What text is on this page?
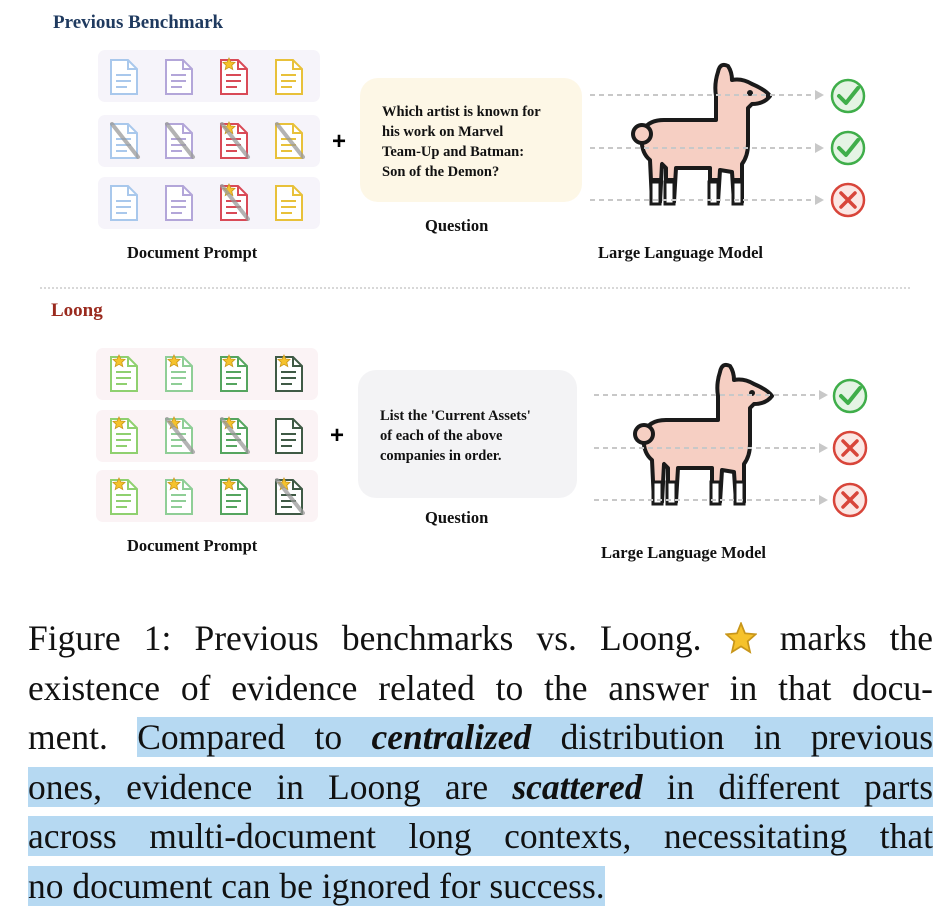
Previous Benchmark
Document Prompt
+
Which artist is known for
his work on Marvel
Team-Up and Batman:
Son of the Demon?
Question
Large Language Model
Loong
Document Prompt
+
List the 'Current Assets'
of each of the above
companies in order.
Question
Large Language Model
Figure 1: Previous benchmarks vs. Loong. marks the
existence of evidence related to the answer in that docu-
ment. Compared to centralized distribution in previous
ones, evidence in Loong are scattered in different parts
across multi-document long contexts, necessitating that
no document can be ignored for success.
